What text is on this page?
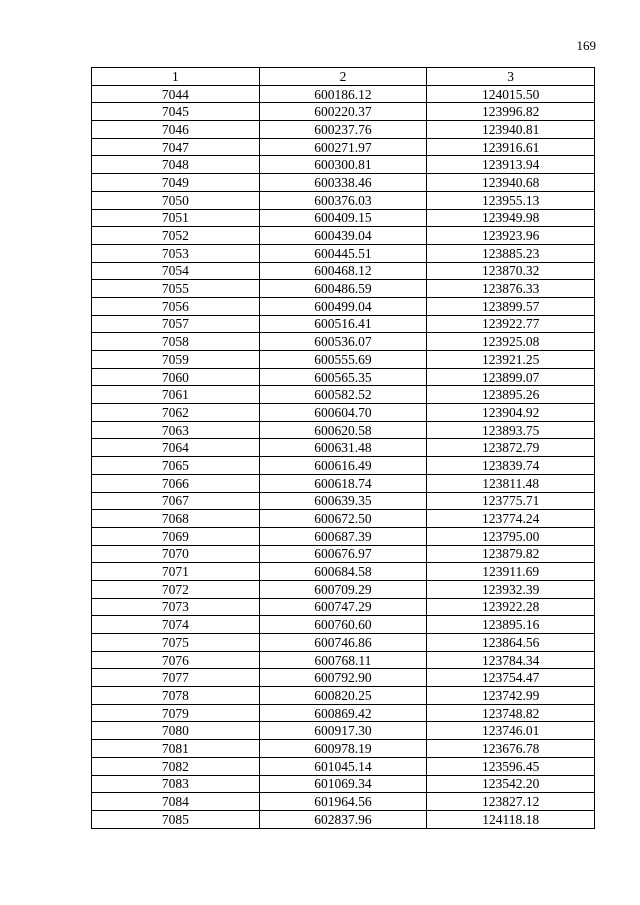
169
1	2	3
7044	600186.12	124015.50
7045	600220.37	123996.82
7046	600237.76	123940.81
7047	600271.97	123916.61
7048	600300.81	123913.94
7049	600338.46	123940.68
7050	600376.03	123955.13
7051	600409.15	123949.98
7052	600439.04	123923.96
7053	600445.51	123885.23
7054	600468.12	123870.32
7055	600486.59	123876.33
7056	600499.04	123899.57
7057	600516.41	123922.77
7058	600536.07	123925.08
7059	600555.69	123921.25
7060	600565.35	123899.07
7061	600582.52	123895.26
7062	600604.70	123904.92
7063	600620.58	123893.75
7064	600631.48	123872.79
7065	600616.49	123839.74
7066	600618.74	123811.48
7067	600639.35	123775.71
7068	600672.50	123774.24
7069	600687.39	123795.00
7070	600676.97	123879.82
7071	600684.58	123911.69
7072	600709.29	123932.39
7073	600747.29	123922.28
7074	600760.60	123895.16
7075	600746.86	123864.56
7076	600768.11	123784.34
7077	600792.90	123754.47
7078	600820.25	123742.99
7079	600869.42	123748.82
7080	600917.30	123746.01
7081	600978.19	123676.78
7082	601045.14	123596.45
7083	601069.34	123542.20
7084	601964.56	123827.12
7085	602837.96	124118.18
